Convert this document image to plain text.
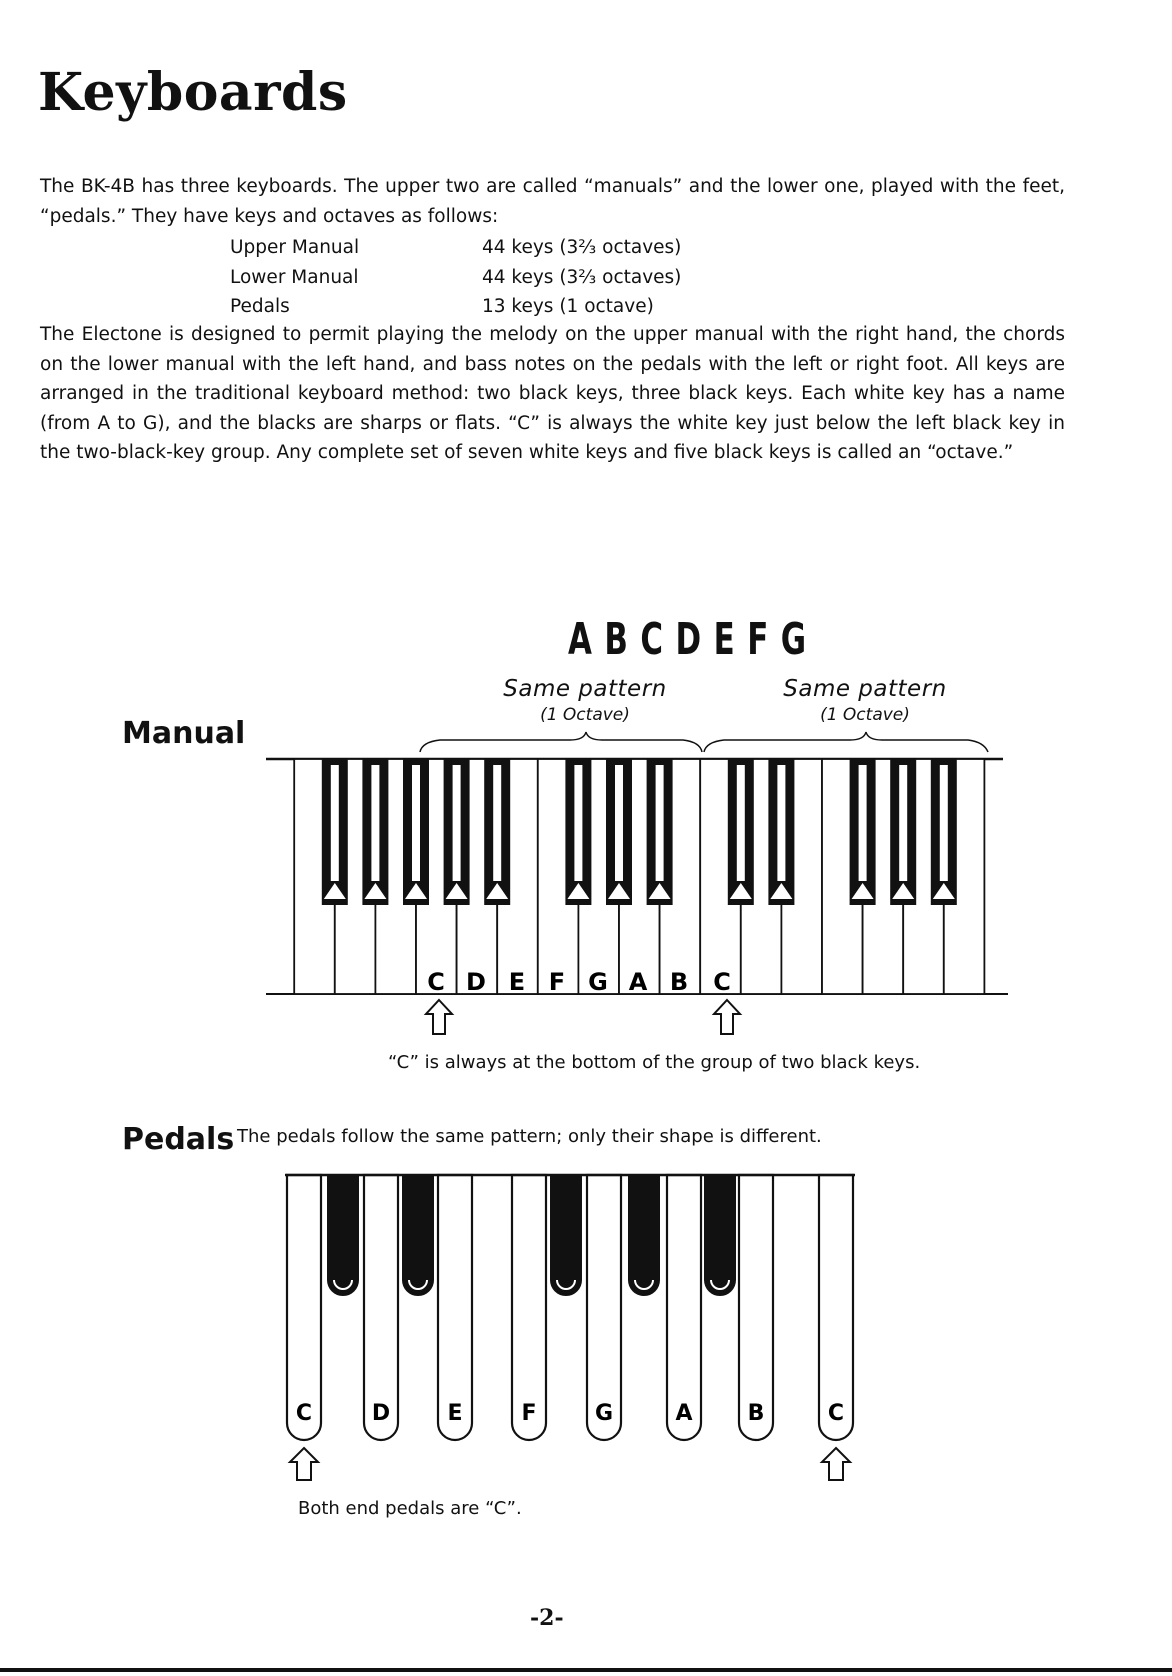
Keyboards

The BK-4B has three keyboards. The upper two are called “manuals” and the lower one, played with the feet, “pedals.” They have keys and octaves as follows:

Upper Manual	44 keys (3⅔ octaves)
Lower Manual	44 keys (3⅔ octaves)
Pedals	13 keys (1 octave)

The Electone is designed to permit playing the melody on the upper manual with the right hand, the chords on the lower manual with the left hand, and bass notes on the pedals with the left or right foot. All keys are arranged in the traditional keyboard method: two black keys, three black keys. Each white key has a name (from A to G), and the blacks are sharps or flats. “C” is always the white key just below the left black key in the two-black-key group. Any complete set of seven white keys and five black keys is called an “octave.”

ABCDEFG
Same pattern
(1 Octave)
Same pattern
(1 Octave)
Manual
C D E F G A B C
“C” is always at the bottom of the group of two black keys.
Pedals The pedals follow the same pattern; only their shape is different.
C	D	E	F	G	A	B	C
Both end pedals are “C”.
-2-
